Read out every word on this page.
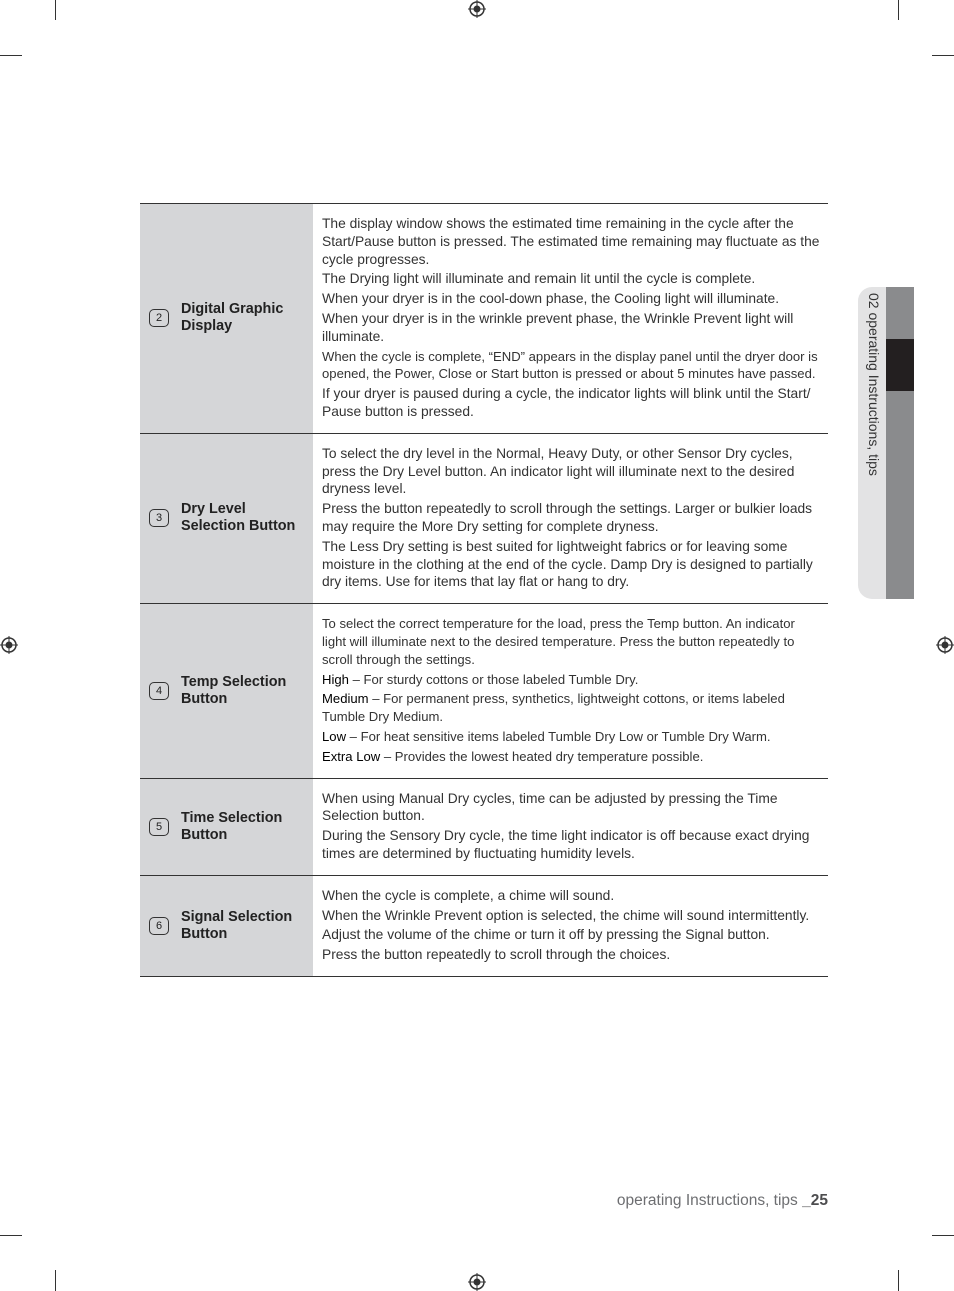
02 operating Instructions, tips
2
Digital Graphic Display

The display window shows the estimated time remaining in the cycle after the Start/Pause button is pressed. The estimated time remaining may fluctuate as the cycle progresses.

The Drying light will illuminate and remain lit until the cycle is complete.

When your dryer is in the cool-down phase, the Cooling light will illuminate.

When your dryer is in the wrinkle prevent phase, the Wrinkle Prevent light will illuminate.

When the cycle is complete, “END” appears in the display panel until the dryer door is opened, the Power, Close or Start button is pressed or about 5 minutes have passed.

If your dryer is paused during a cycle, the indicator lights will blink until the Start/ Pause button is pressed.

3
Dry Level Selection Button

To select the dry level in the Normal, Heavy Duty, or other Sensor Dry cycles, press the Dry Level button. An indicator light will illuminate next to the desired dryness level.

Press the button repeatedly to scroll through the settings. Larger or bulkier loads may require the More Dry setting for complete dryness.

The Less Dry setting is best suited for lightweight fabrics or for leaving some moisture in the clothing at the end of the cycle. Damp Dry is designed to partially dry items. Use for items that lay flat or hang to dry.

4
Temp Selection Button

To select the correct temperature for the load, press the Temp button. An indicator light will illuminate next to the desired temperature. Press the button repeatedly to scroll through the settings.

High – For sturdy cottons or those labeled Tumble Dry.

Medium – For permanent press, synthetics, lightweight cottons, or items labeled Tumble Dry Medium.

Low – For heat sensitive items labeled Tumble Dry Low or Tumble Dry Warm.

Extra Low – Provides the lowest heated dry temperature possible.

5
Time Selection Button

When using Manual Dry cycles, time can be adjusted by pressing the Time Selection button.

During the Sensory Dry cycle, the time light indicator is off because exact drying times are determined by fluctuating humidity levels.

6
Signal Selection Button

When the cycle is complete, a chime will sound.

When the Wrinkle Prevent option is selected, the chime will sound intermittently.

Adjust the volume of the chime or turn it off by pressing the Signal button.

Press the button repeatedly to scroll through the choices.

operating Instructions, tips _25
